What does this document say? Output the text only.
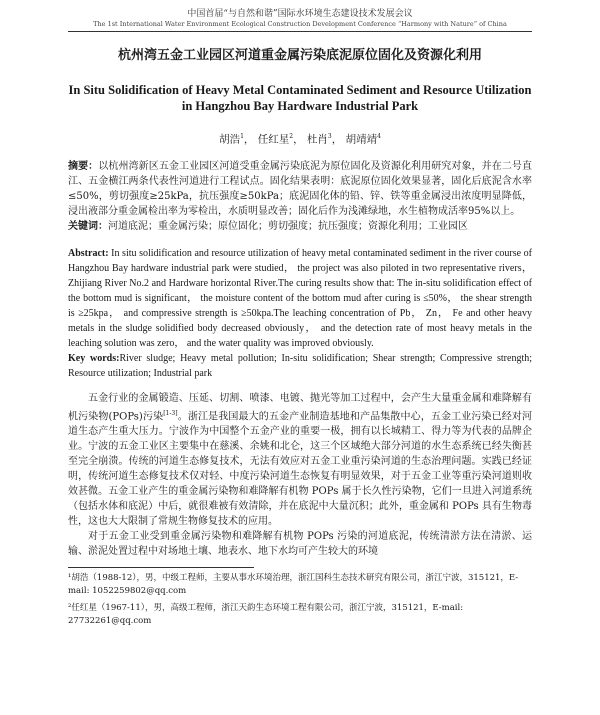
中国首届“与自然和谐”国际水环境生态建设技术发展会议
The 1st International Water Environment Ecological Construction Development Conference “Harmony with Nature” of China
杭州湾五金工业园区河道重金属污染底泥原位固化及资源化利用
In Situ Solidification of Heavy Metal Contaminated Sediment and Resource Utilization in Hangzhou Bay Hardware Industrial Park
胡浩$^1$， 任红星$^2$， 杜肖$^3$， 胡靖靖$^4$
摘要：以杭州湾新区五金工业园区河道受重金属污染底泥为原位固化及资源化利用研究对象，并在二号直江、五金横江两条代表性河道进行工程试点。固化结果表明：底泥原位固化效果显著，固化后底泥含水率≤50%，剪切强度≥25kPa，抗压强度≥50kPa；底泥固化体的铅、锌、铁等重金属浸出浓度明显降低，浸出液部分重金属检出率为零检出，水质明显改善；固化后作为浅滩绿地，水生植物成活率95%以上。
关键词：河道底泥；重金属污染；原位固化；剪切强度；抗压强度；资源化利用；工业园区
Abstract: In situ solidification and resource utilization of heavy metal contaminated sediment in the river course of Hangzhou Bay hardware industrial park were studied， the project was also piloted in two representative rivers， Zhijiang River No.2 and Hardware horizontal River.The curing results show that: The in-situ solidification effect of the bottom mud is significant， the moisture content of the bottom mud after curing is ≤50%， the shear strength is ≥25kpa， and compressive strength is ≥50kpa.The leaching concentration of Pb， Zn， Fe and other heavy metals in the sludge solidified body decreased obviously， and the detection rate of most heavy metals in the leaching solution was zero， and the water quality was improved obviously.
Key words:River sludge; Heavy metal pollution; In-situ solidification; Shear strength; Compressive strength; Resource utilization; Industrial park
五金行业的金属锻造、压延、切割、喷漆、电镀、抛光等加工过程中，会产生大量重金属和难降解有机污染物(POPs)污染[1-3]。浙江是我国最大的五金产业制造基地和产品集散中心，五金工业污染已经对河道生态产生重大压力。宁波作为中国整个五金产业的重要一极，拥有以长城精工、得力等为代表的品牌企业。宁波的五金工业区主要集中在慈溪、余姚和北仑，这三个区域绝大部分河道的水生态系统已经失衡甚至完全崩溃。传统的河道生态修复技术，无法有效应对五金工业重污染河道的生态治理问题。实践已经证明，传统河道生态修复技术仅对轻、中度污染河道生态恢复有明显效果，对于五金工业等重污染河道则收效甚微。五金工业产生的重金属污染物和难降解有机物 POPs 属于长久性污染物，它们一旦进入河道系统（包括水体和底泥）中后，就很难被有效清除，并在底泥中大量沉积；此外，重金属和 POPs 具有生物毒性，这也大大限制了常规生物修复技术的应用。
对于五金工业受到重金属污染物和难降解有机物 POPs 污染的河道底泥，传统清淤方法在清淤、运输、淤泥处置过程中对场地土壤、地表水、地下水均可产生较大的环境
¹胡浩（1988-12），男，中级工程师，主要从事水环境治理，浙江国科生态技术研究有限公司，浙江宁波，315121，E-mail: 1052259802@qq.com
²任红星（1967-11），男，高级工程师，浙江天韵生态环境工程有限公司，浙江宁波，315121，E-mail: 27732261@qq.com
